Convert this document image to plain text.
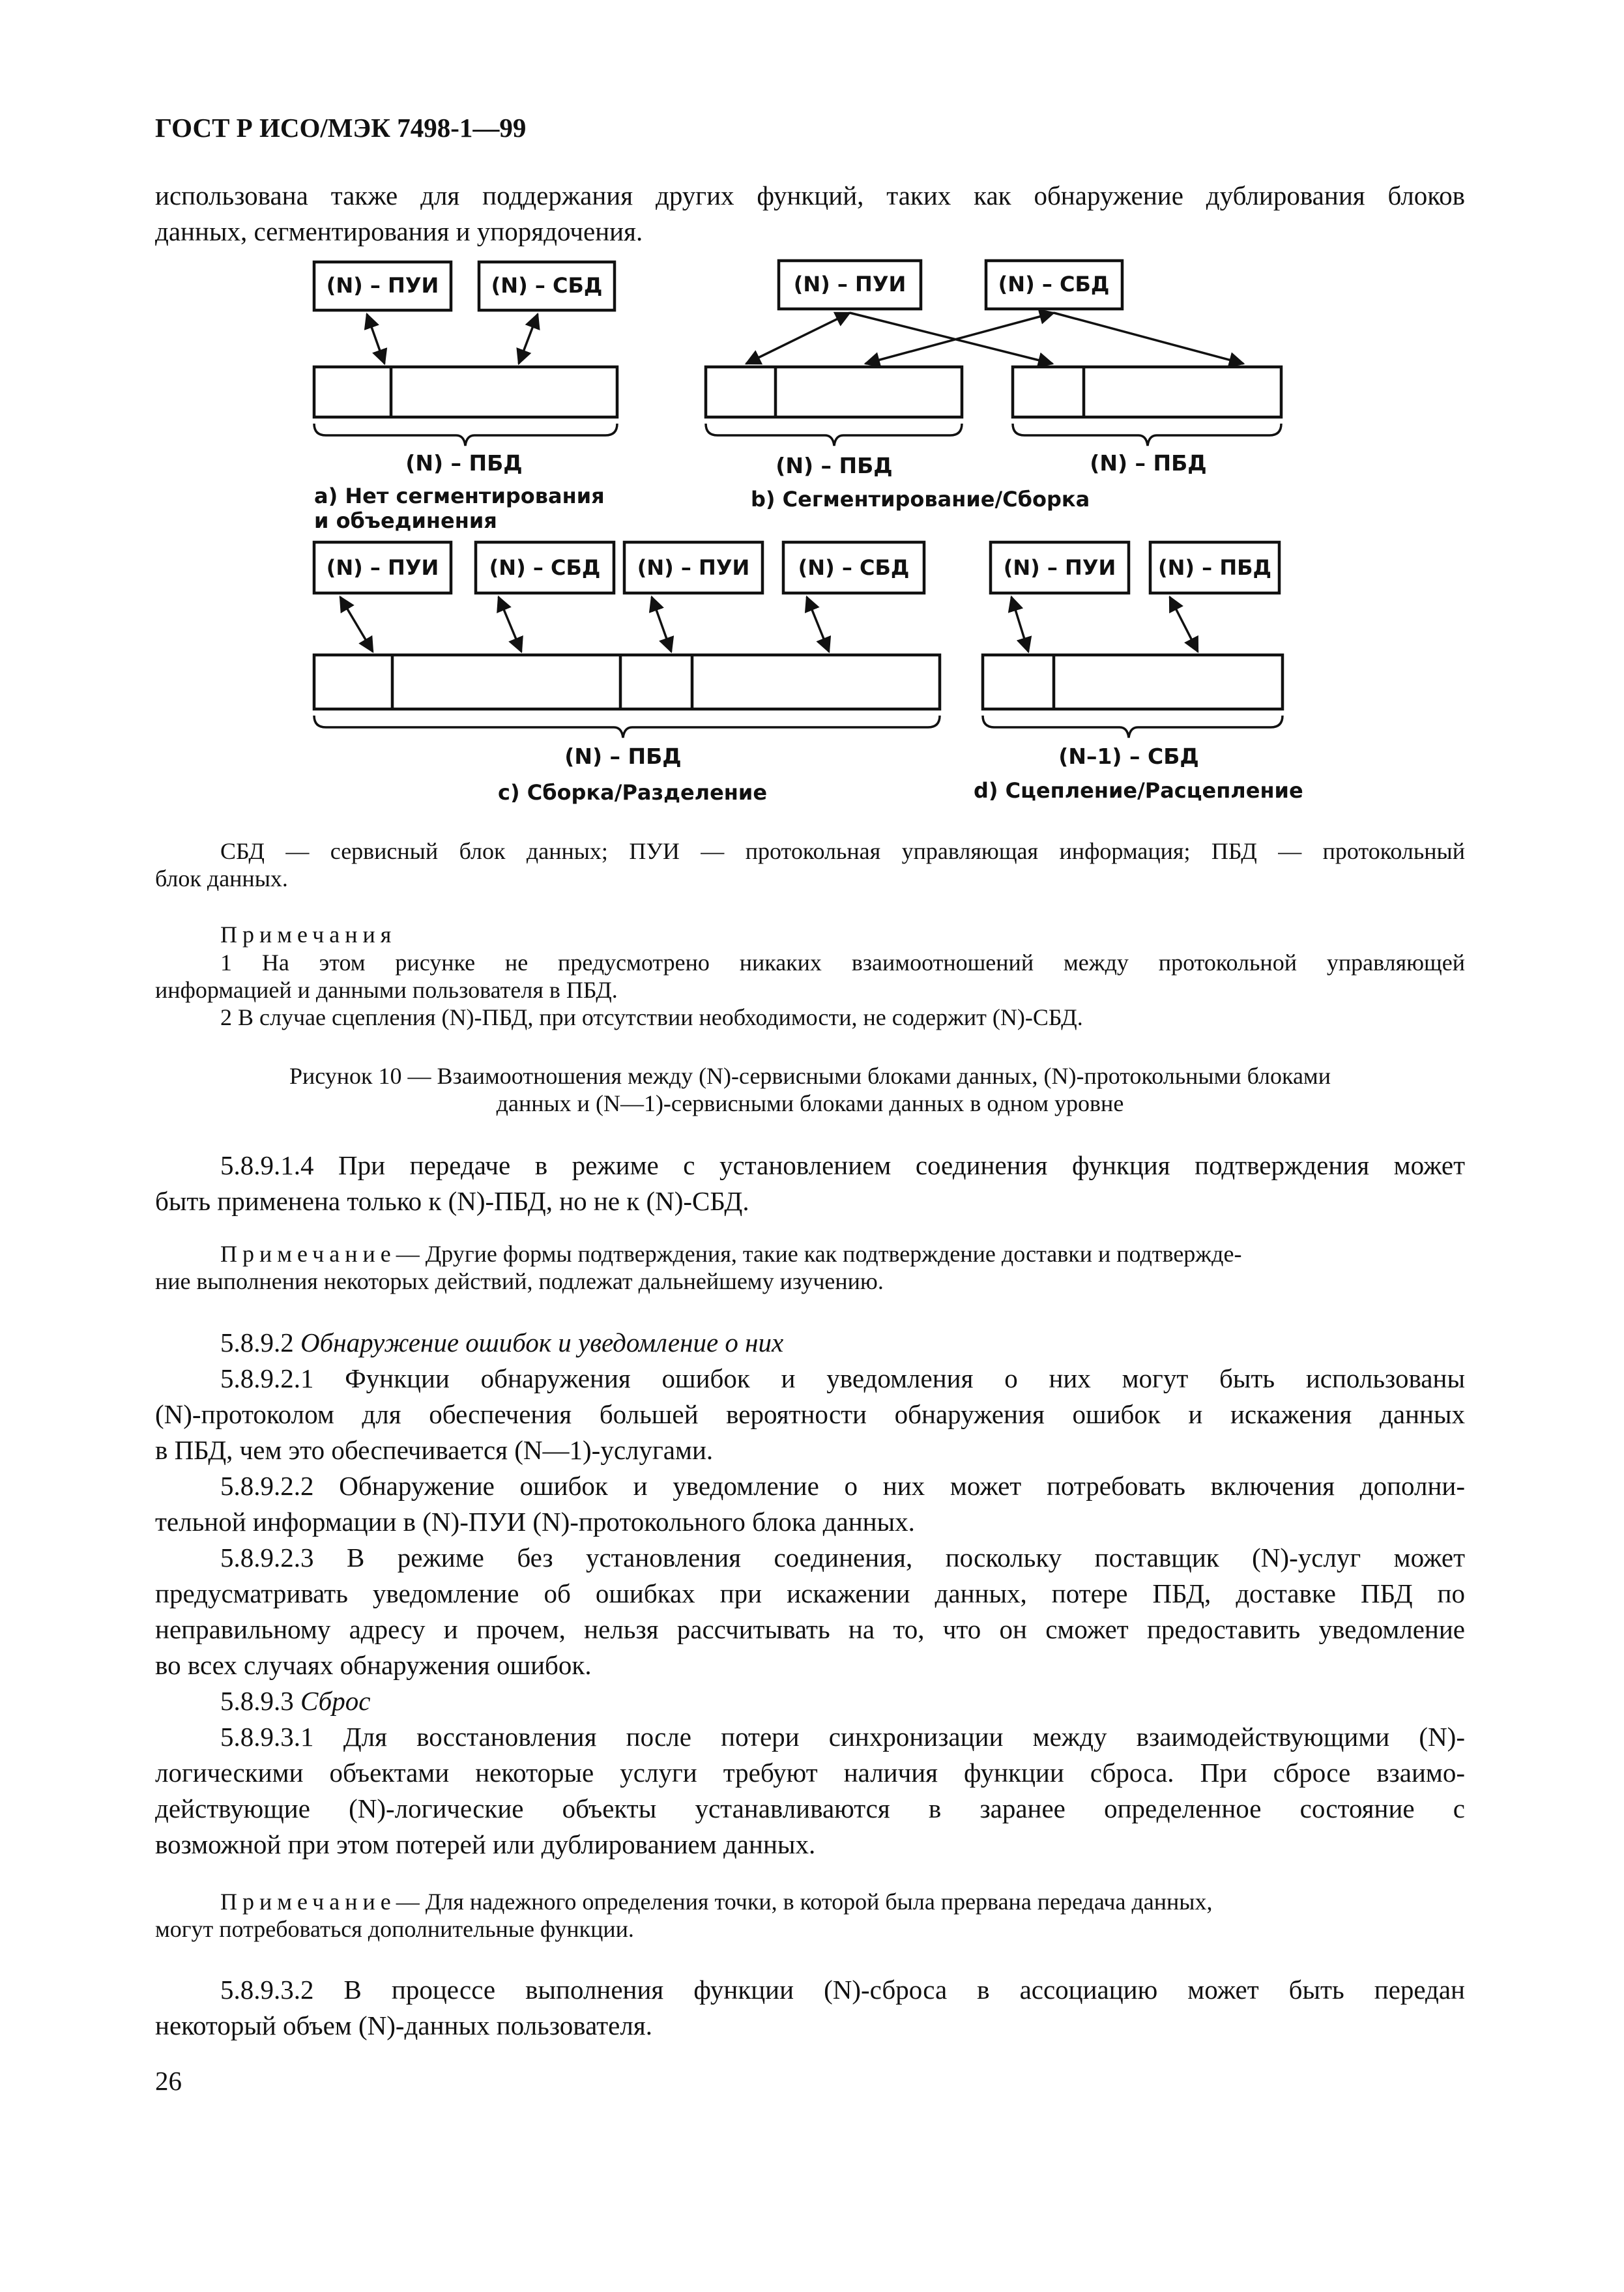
ГОСТ Р ИСО/МЭК 7498-1—99
использована также для поддержания других функций, таких как обнаружение дублирования блоков
данных, сегментирования и упорядочения.
(N) – ПУИ	(N) – СБД	(N) – ПУИ	(N) – СБД
(N) – ПУИ (N) – СБД (N) – ПУИ (N) – СБД	(N) – ПУИ (N) – ПБД
(N) – ПБД	(N) – ПБД	(N) – ПБД
(N) – ПБД	(N–1) – СБД
а) Нет сегментирования
и объединения
b) Сегментирование/Сборка
с) Сборка/Разделение	d) Сцепление/Расцепление
СБД — сервисный блок данных; ПУИ — протокольная управляющая информация; ПБД — протокольный
блок данных.
Примечания
1 На этом рисунке не предусмотрено никаких взаимоотношений между протокольной управляющей
информацией и данными пользователя в ПБД.
2 В случае сцепления (N)-ПБД, при отсутствии необходимости, не содержит (N)-СБД.
Рисунок 10 — Взаимоотношения между (N)-сервисными блоками данных, (N)-протокольными блоками
данных и (N—1)-сервисными блоками данных в одном уровне
5.8.9.1.4 При передаче в режиме с установлением соединения функция подтверждения может
быть применена только к (N)-ПБД, но не к (N)-СБД.
Примечание— Другие формы подтверждения, такие как подтверждение доставки и подтвержде-
ние выполнения некоторых действий, подлежат дальнейшему изучению.
5.8.9.2 Обнаружение ошибок и уведомление о них
5.8.9.2.1 Функции обнаружения ошибок и уведомления о них могут быть использованы
(N)-протоколом для обеспечения большей вероятности обнаружения ошибок и искажения данных
в ПБД, чем это обеспечивается (N—1)-услугами.
5.8.9.2.2 Обнаружение ошибок и уведомление о них может потребовать включения дополни-
тельной информации в (N)-ПУИ (N)-протокольного блока данных.
5.8.9.2.3 В режиме без установления соединения, поскольку поставщик (N)-услуг может
предусматривать уведомление об ошибках при искажении данных, потере ПБД, доставке ПБД по
неправильному адресу и прочем, нельзя рассчитывать на то, что он сможет предоставить уведомление
во всех случаях обнаружения ошибок.
5.8.9.3 Сброс
5.8.9.3.1 Для восстановления после потери синхронизации между взаимодействующими (N)-
логическими объектами некоторые услуги требуют наличия функции сброса. При сбросе взаимо-
действующие (N)-логические объекты устанавливаются в заранее определенное состояние с
возможной при этом потерей или дублированием данных.
Примечание— Для надежного определения точки, в которой была прервана передача данных,
могут потребоваться дополнительные функции.
5.8.9.3.2 В процессе выполнения функции (N)-сброса в ассоциацию может быть передан
некоторый объем (N)-данных пользователя.
26
